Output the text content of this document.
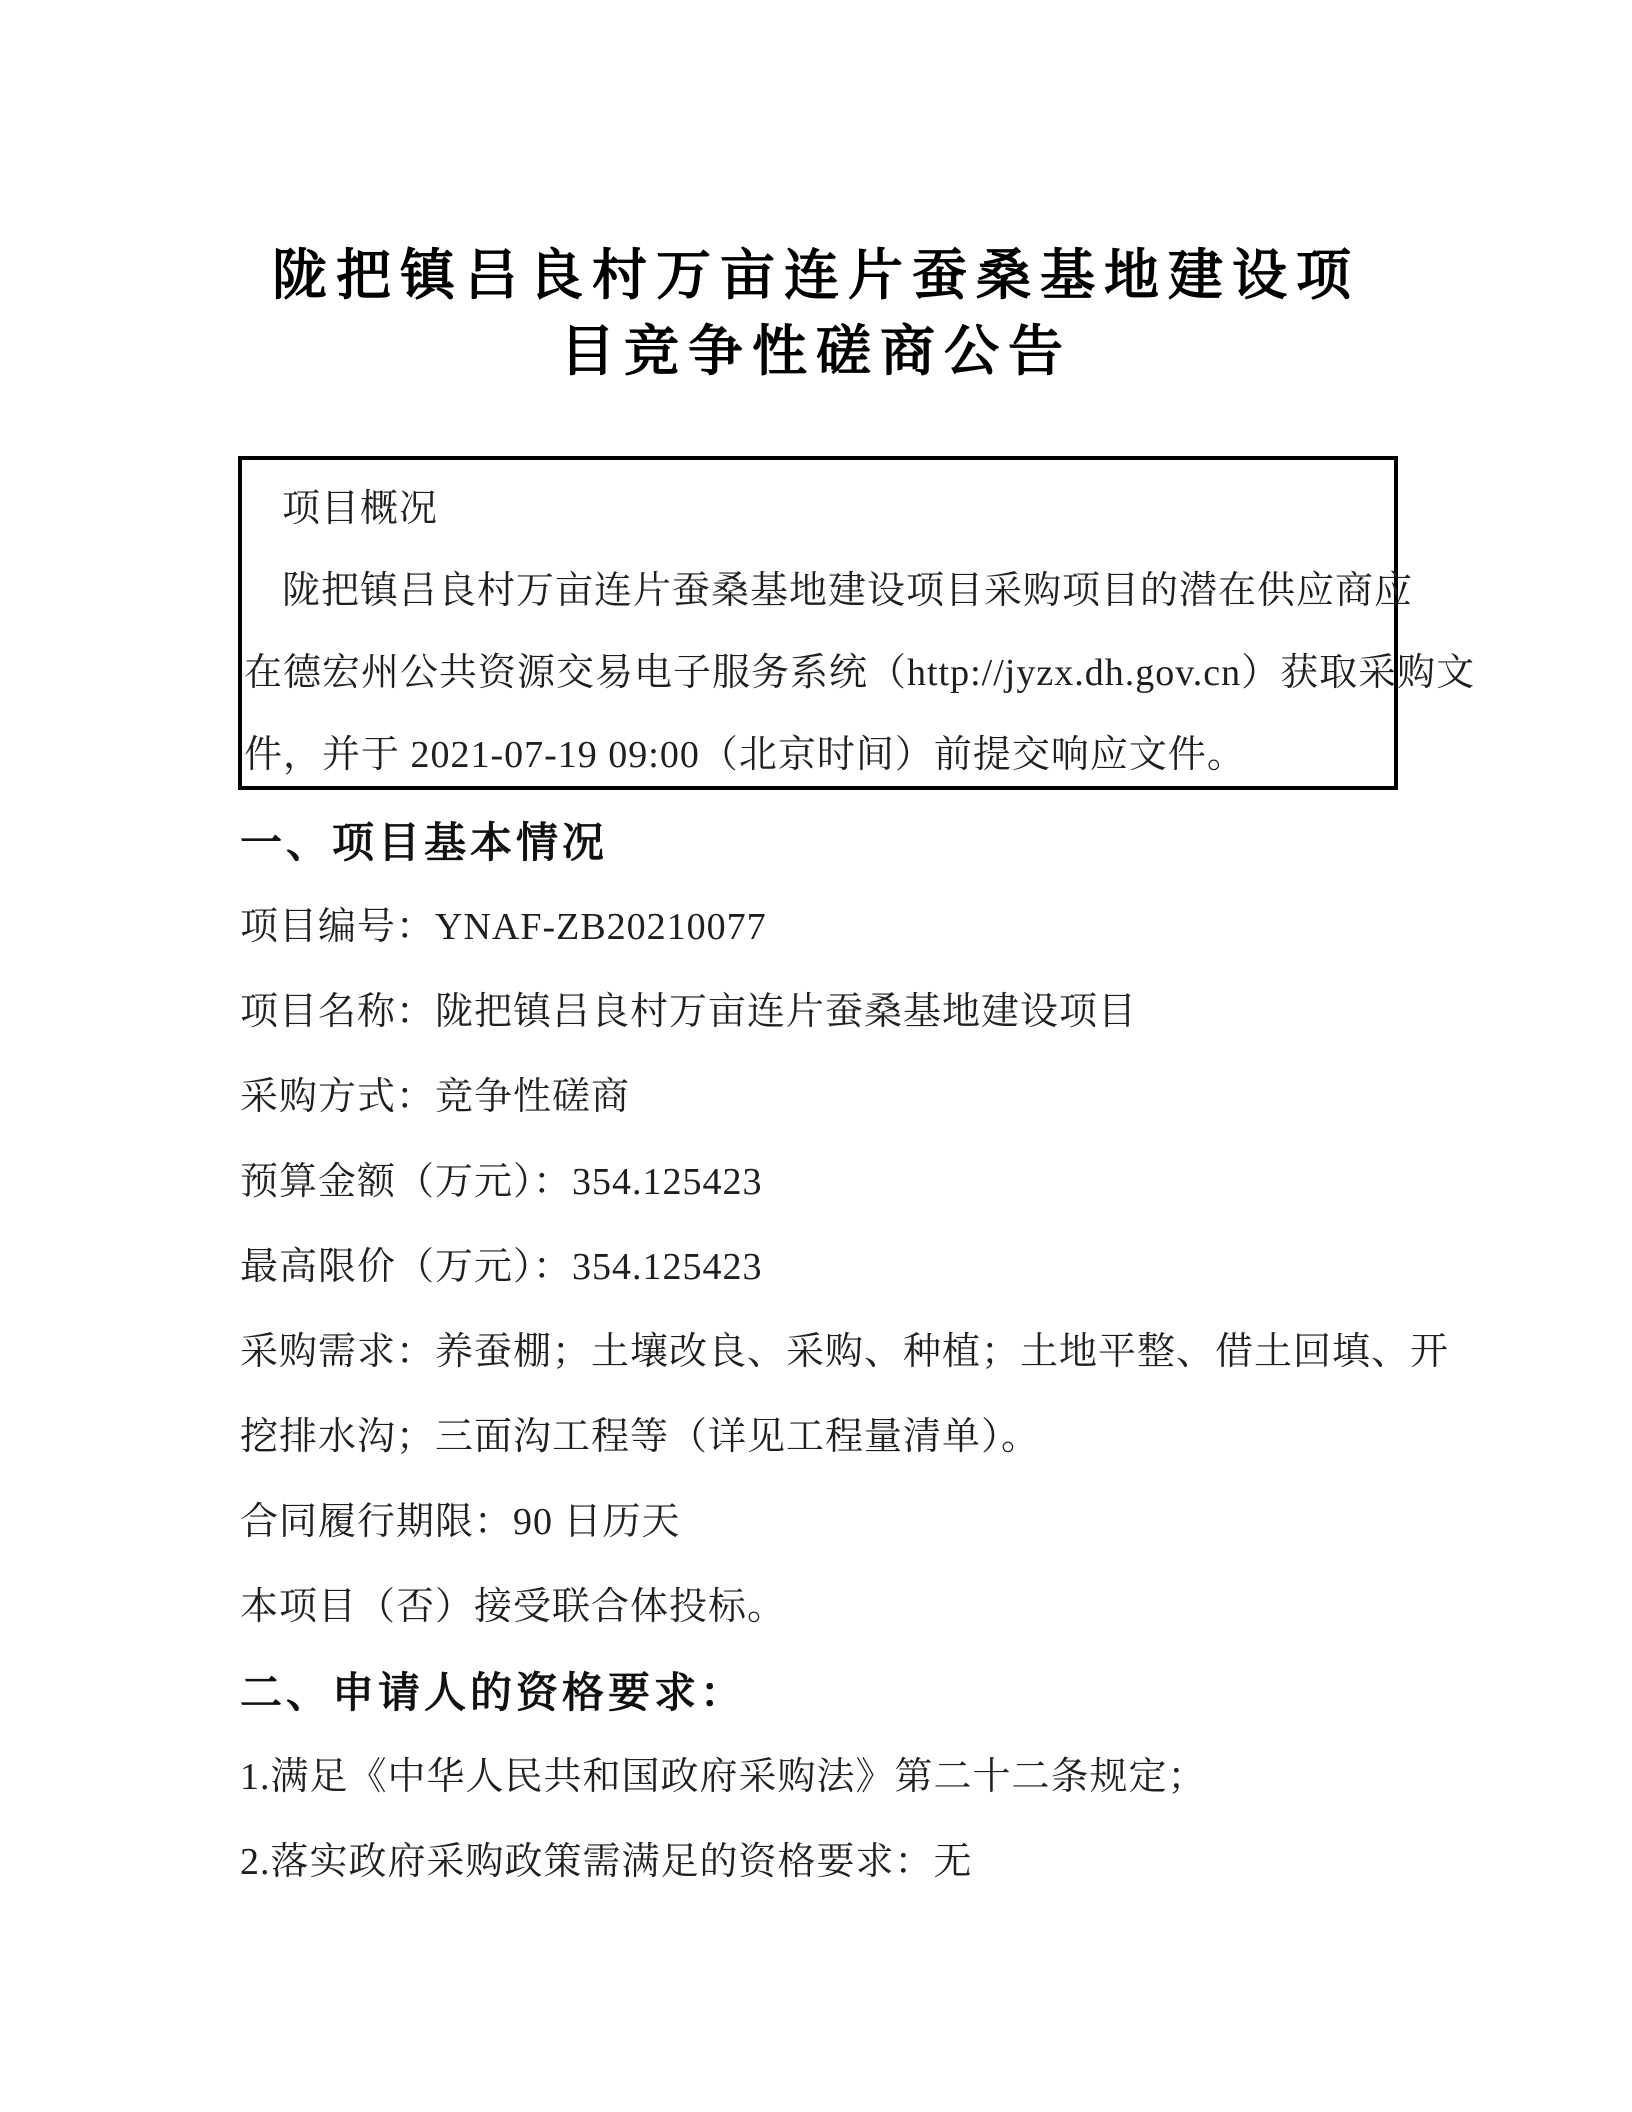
陇把镇吕良村万亩连片蚕桑基地建设项
目竞争性磋商公告
项目概况
陇把镇吕良村万亩连片蚕桑基地建设项目采购项目的潜在供应商应
在德宏州公共资源交易电子服务系统（http://jyzx.dh.gov.cn）获取采购文
件，并于 2021-07-19 09:00（北京时间）前提交响应文件。
一、项目基本情况
项目编号：YNAF-ZB20210077
项目名称：陇把镇吕良村万亩连片蚕桑基地建设项目
采购方式：竞争性磋商
预算金额（万元）：354.125423
最高限价（万元）：354.125423
采购需求：养蚕棚；土壤改良、采购、种植；土地平整、借土回填、开
挖排水沟；三面沟工程等（详见工程量清单）。
合同履行期限：90 日历天
本项目（否）接受联合体投标。
二、申请人的资格要求：
1.满足《中华人民共和国政府采购法》第二十二条规定；
2.落实政府采购政策需满足的资格要求：无
